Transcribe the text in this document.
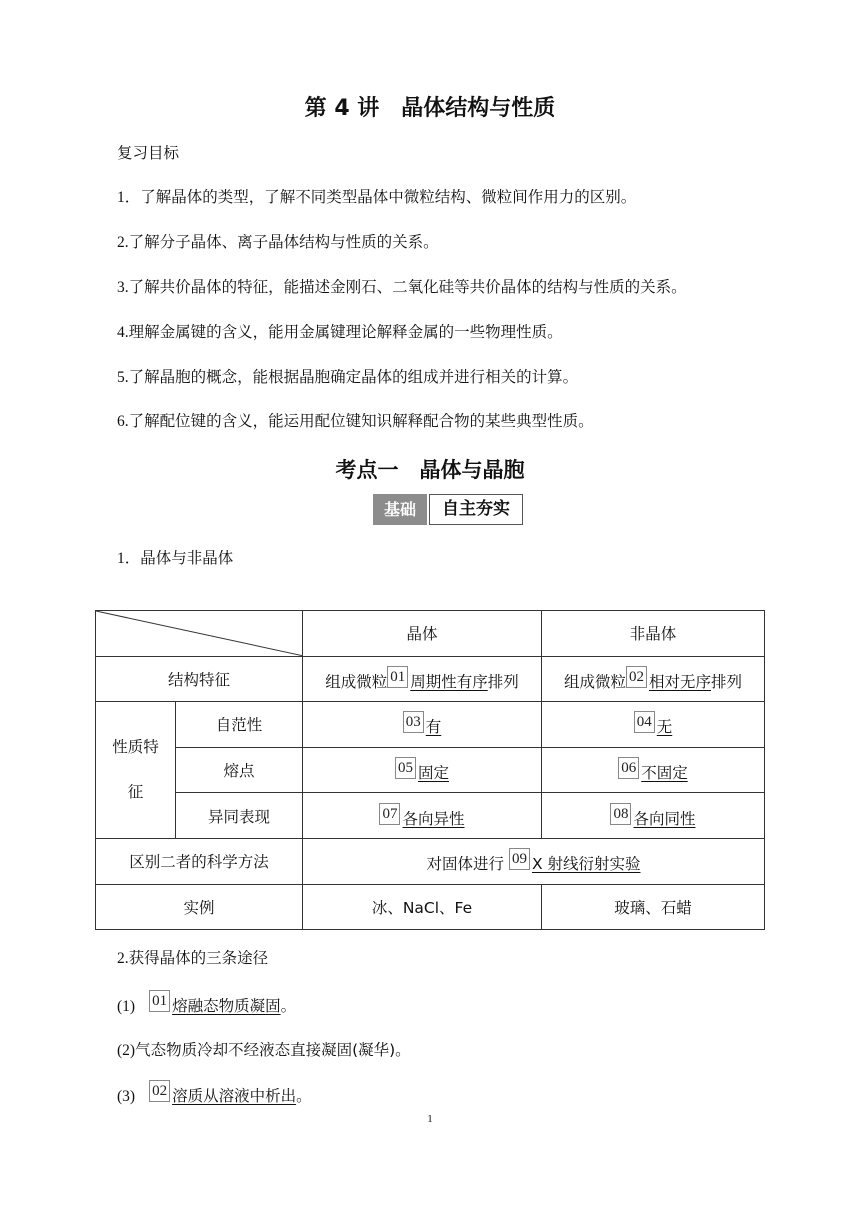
第 4 讲　晶体结构与性质
复习目标
1．了解晶体的类型，了解不同类型晶体中微粒结构、微粒间作用力的区别。
2.了解分子晶体、离子晶体结构与性质的关系。
3.了解共价晶体的特征，能描述金刚石、二氧化硅等共价晶体的结构与性质的关系。
4.理解金属键的含义，能用金属键理论解释金属的一些物理性质。
5.了解晶胞的概念，能根据晶胞确定晶体的组成并进行相关的计算。
6.了解配位键的含义，能运用配位键知识解释配合物的某些典型性质。
考点一　晶体与晶胞
基础	自主夯实
1．晶体与非晶体
	晶体	非晶体
结构特征		组成微粒 01 周期性有序排列	组成微粒 02 相对无序排列
性质特
征	自范性	03 有	04 无
	熔点	05 固定	06 不固定
	异同表现	07 各向异性	08 各向同性
区别二者的科学方法		对固体进行 09 X 射线衍射实验	
实例		冰、NaCl、Fe	玻璃、石蜡
2.获得晶体的三条途径
(1) 01 熔融态物质凝固。
(2)气态物质冷却不经液态直接凝固(凝华)。
(3) 02 溶质从溶液中析出。
1
